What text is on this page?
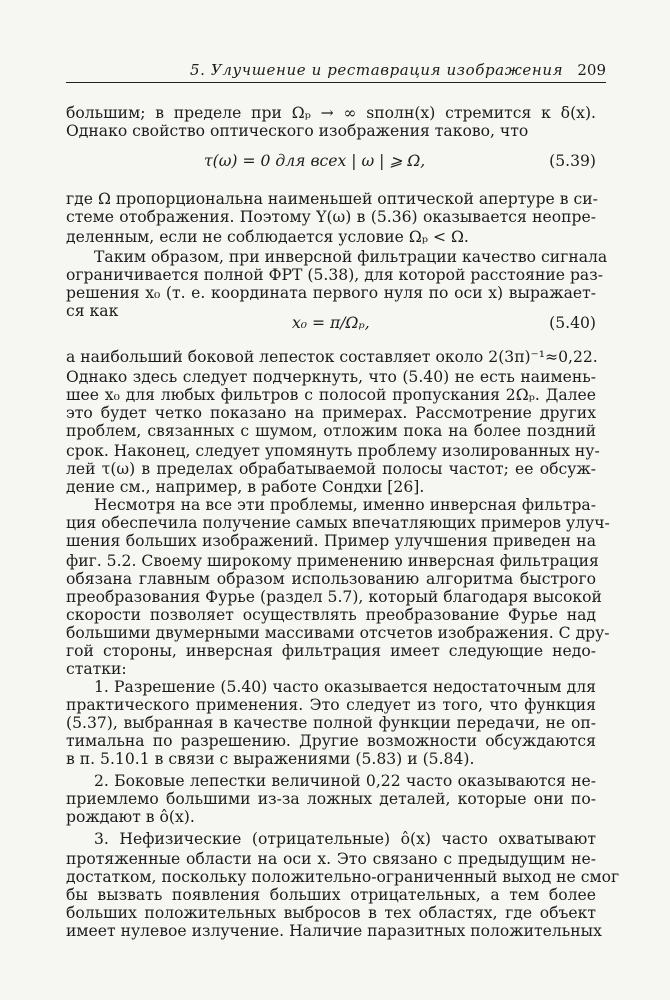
5. Улучшение и реставрация изображения 209
большим; в пределе при Ωₚ → ∞ sполн(x) стремится к δ(x).
Однако свойство оптического изображения таково, что
τ(ω) = 0 для всех | ω | ⩾ Ω,	(5.39)
где Ω пропорциональна наименьшей оптической апертуре в си-
стеме отображения. Поэтому Y(ω) в (5.36) оказывается неопре-
деленным, если не соблюдается условие Ωₚ < Ω.
Таким образом, при инверсной фильтрации качество сигнала
ограничивается полной ФРТ (5.38), для которой расстояние раз-
решения x₀ (т. е. координата первого нуля по оси x) выражает-
ся как
x₀ = π/Ωₚ,	(5.40)
а наибольший боковой лепесток составляет около 2(3π)⁻¹≈0,22.
Однако здесь следует подчеркнуть, что (5.40) не есть наимень-
шее x₀ для любых фильтров с полосой пропускания 2Ωₚ. Далее
это будет четко показано на примерах. Рассмотрение других
проблем, связанных с шумом, отложим пока на более поздний
срок. Наконец, следует упомянуть проблему изолированных ну-
лей τ(ω) в пределах обрабатываемой полосы частот; ее обсуж-
дение см., например, в работе Сондхи [26].
Несмотря на все эти проблемы, именно инверсная фильтра-
ция обеспечила получение самых впечатляющих примеров улуч-
шения больших изображений. Пример улучшения приведен на
фиг. 5.2. Своему широкому применению инверсная фильтрация
обязана главным образом использованию алгоритма быстрого
преобразования Фурье (раздел 5.7), который благодаря высокой
скорости позволяет осуществлять преобразование Фурье над
большими двумерными массивами отсчетов изображения. С дру-
гой стороны, инверсная фильтрация имеет следующие недо-
статки:
1. Разрешение (5.40) часто оказывается недостаточным для
практического применения. Это следует из того, что функция
(5.37), выбранная в качестве полной функции передачи, не оп-
тимальна по разрешению. Другие возможности обсуждаются
в п. 5.10.1 в связи с выражениями (5.83) и (5.84).
2. Боковые лепестки величиной 0,22 часто оказываются не-
приемлемо большими из-за ложных деталей, которые они по-
рождают в ô(x).
3. Нефизические (отрицательные) ô(x) часто охватывают
протяженные области на оси x. Это связано с предыдущим не-
достатком, поскольку положительно-ограниченный выход не смог
бы вызвать появления больших отрицательных, а тем более
больших положительных выбросов в тех областях, где объект
имеет нулевое излучение. Наличие паразитных положительных
